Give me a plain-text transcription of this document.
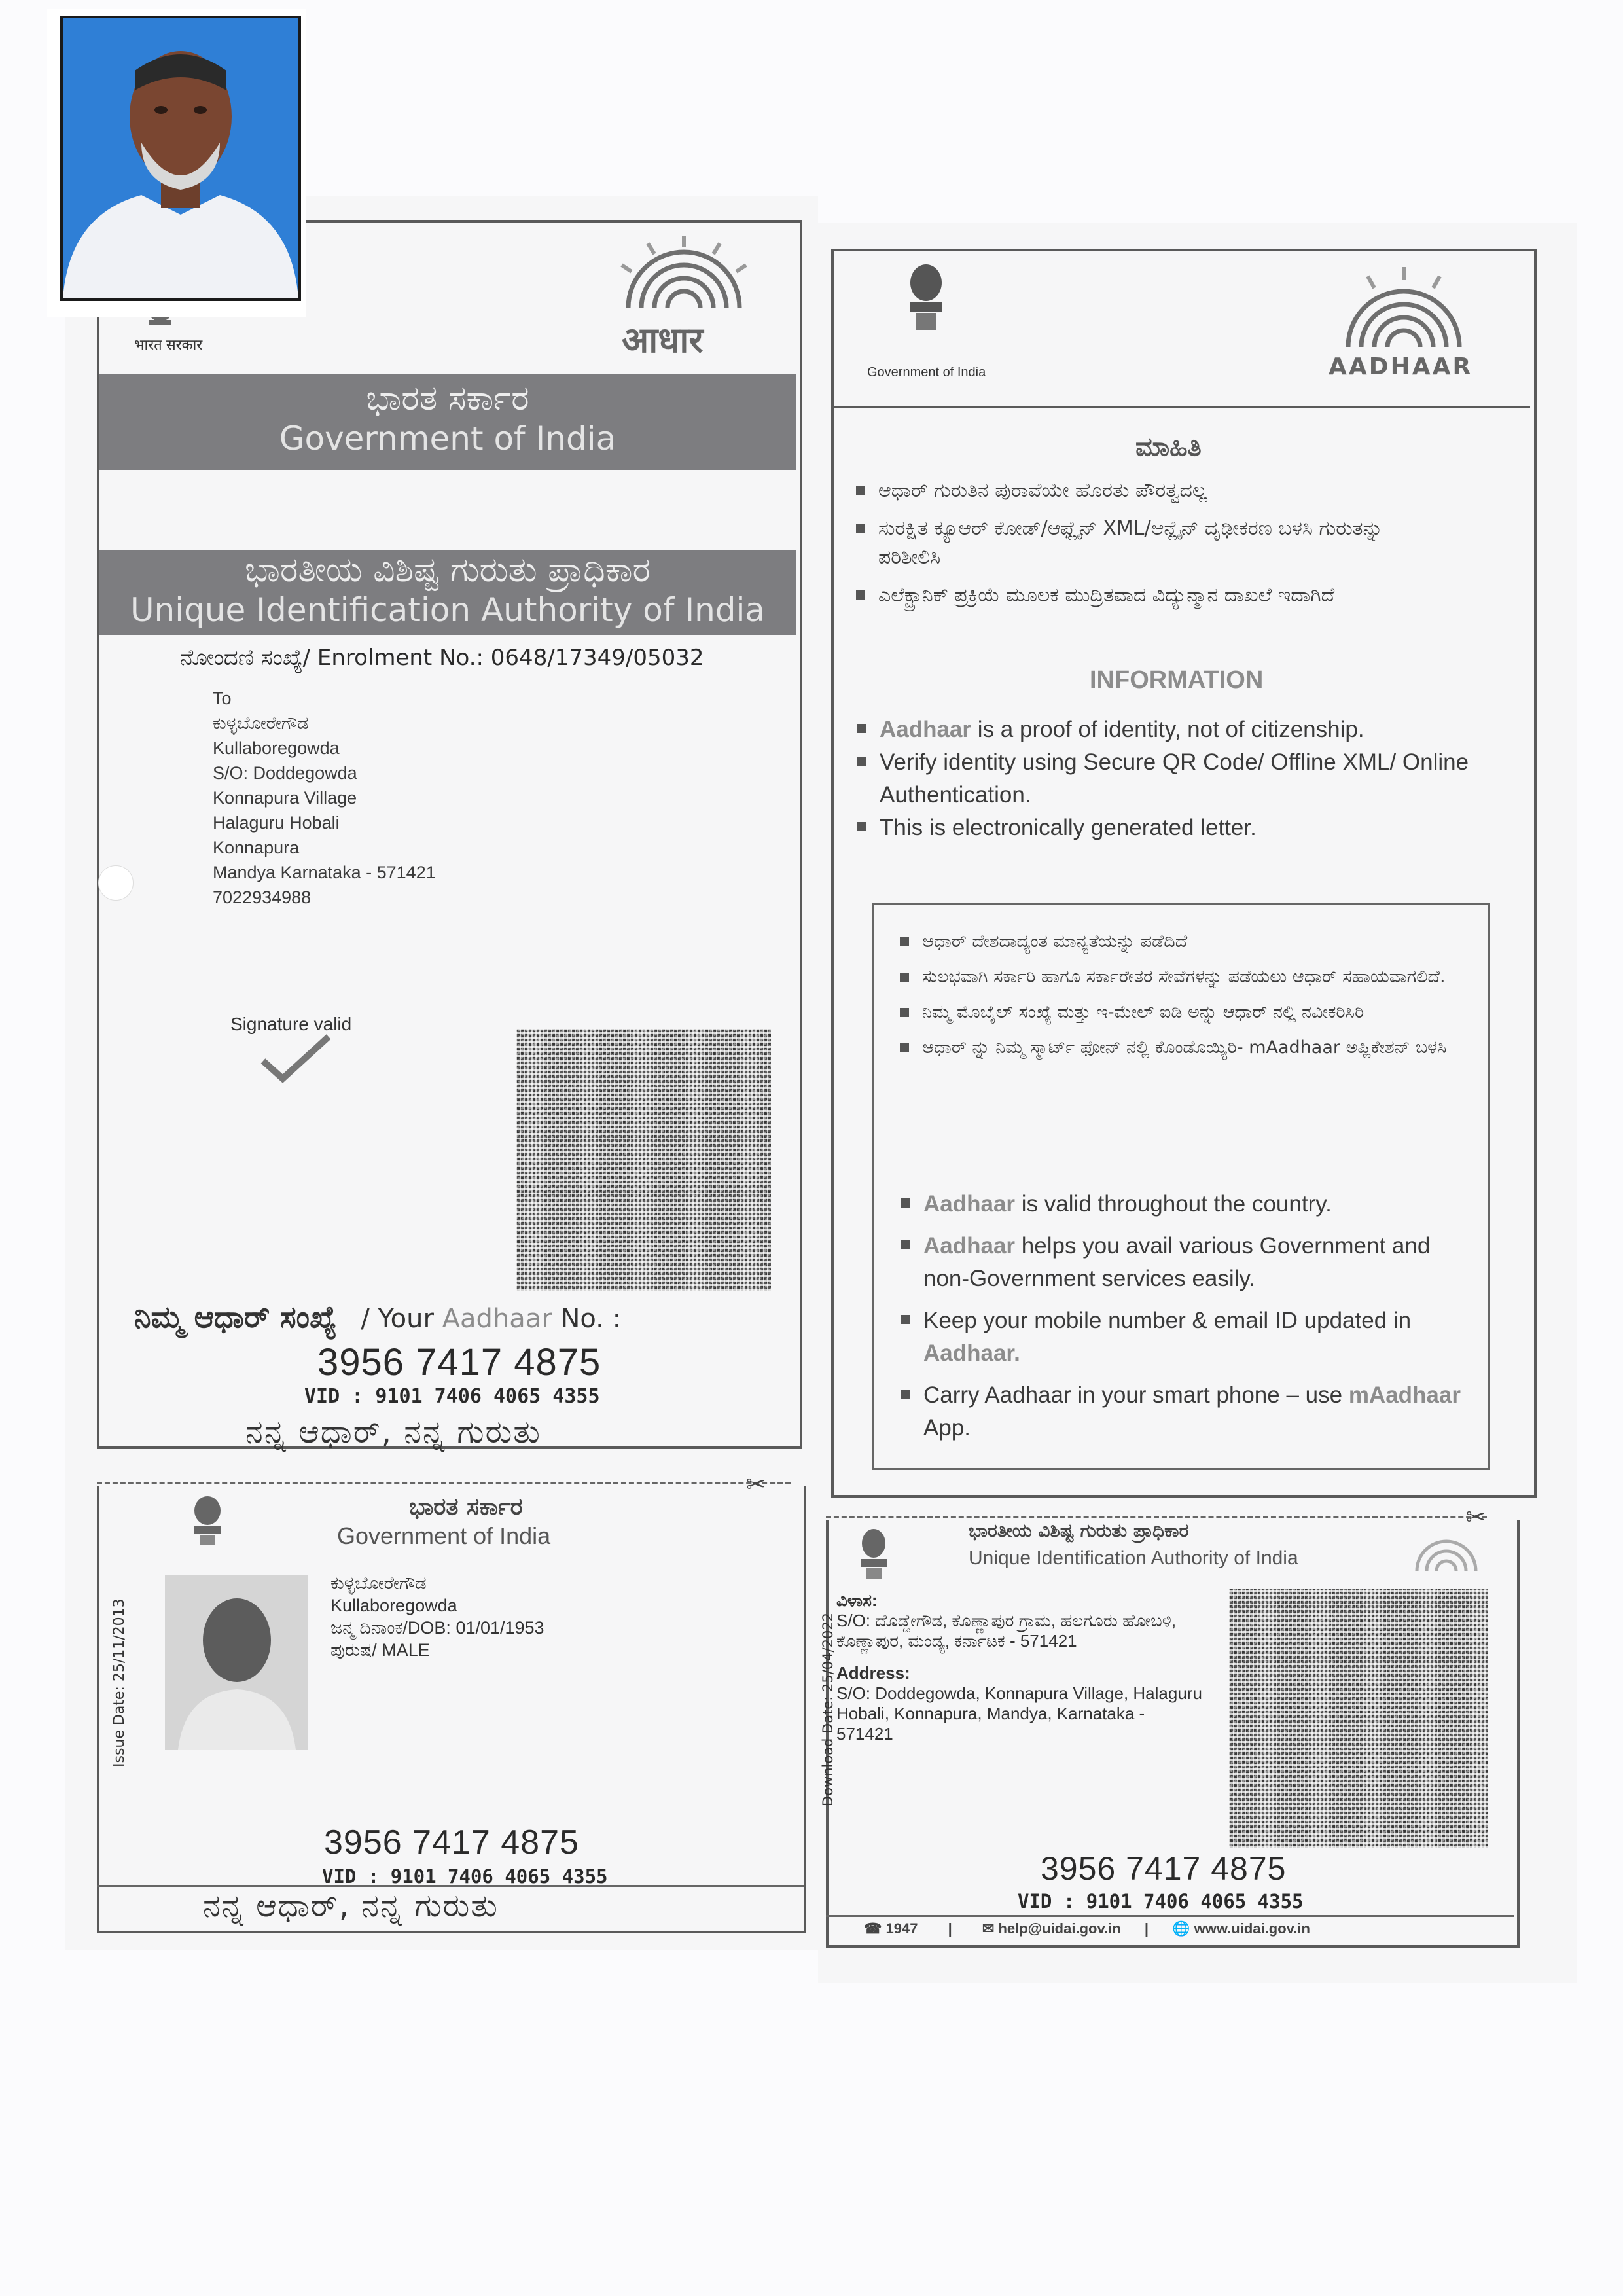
भारत सरकार	आधार
ಭಾರತ ಸರ್ಕಾರ
Government of India
ಭಾರತೀಯ ವಿಶಿಷ್ಟ ಗುರುತು ಪ್ರಾಧಿಕಾರ
Unique Identification Authority of India
ನೋಂದಣಿ ಸಂಖ್ಯೆ/ Enrolment No.: 0648/17349/05032
To
ಕುಳ್ಳಬೋರೇಗೌಡ
Kullaboregowda
S/O: Doddegowda
Konnapura Village
Halaguru Hobali
Konnapura
Mandya Karnataka - 571421
7022934988
Signature valid
ನಿಮ್ಮ ಆಧಾರ್ ಸಂಖ್ಯೆ / Your Aadhaar No. :
3956 7417 4875
VID : 9101 7406 4065 4355
ನನ್ನ ಆಧಾರ್, ನನ್ನ ಗುರುತು
✂
ಭಾರತ ಸರ್ಕಾರ
Government of India
Issue Date: 25/11/2013
ಕುಳ್ಳಬೋರೇಗೌಡ
Kullaboregowda
ಜನ್ಮ ದಿನಾಂಕ/DOB: 01/01/1953
ಪುರುಷ/ MALE
3956 7417 4875
VID : 9101 7406 4065 4355
ನನ್ನ ಆಧಾರ್, ನನ್ನ ಗುರುತು
Government of India	AADHAAR
ಮಾಹಿತಿ
ಆಧಾರ್ ಗುರುತಿನ ಪುರಾವೆಯೇ ಹೊರತು ಪೌರತ್ವದಲ್ಲ
ಸುರಕ್ಷಿತ ಕ್ಯೂಆರ್ ಕೋಡ್/ಆಫ್ಲೈನ್ XML/ಆನ್ಲೈನ್ ದೃಢೀಕರಣ ಬಳಸಿ ಗುರುತನ್ನು ಪರಿಶೀಲಿಸಿ
ಎಲೆಕ್ಟ್ರಾನಿಕ್ ಪ್ರಕ್ರಿಯೆ ಮೂಲಕ ಮುದ್ರಿತವಾದ ವಿದ್ಯುನ್ಮಾನ ದಾಖಲೆ ಇದಾಗಿದೆ
INFORMATION
Aadhaar is a proof of identity, not of citizenship.
Verify identity using Secure QR Code/ Offline XML/ Online Authentication.
This is electronically generated letter.
ಆಧಾರ್ ದೇಶದಾದ್ಯಂತ ಮಾನ್ಯತೆಯನ್ನು ಪಡೆದಿದೆ
ಸುಲಭವಾಗಿ ಸರ್ಕಾರಿ ಹಾಗೂ ಸರ್ಕಾರೇತರ ಸೇವೆಗಳನ್ನು ಪಡೆಯಲು ಆಧಾರ್ ಸಹಾಯವಾಗಲಿದೆ.
ನಿಮ್ಮ ಮೊಬೈಲ್ ಸಂಖ್ಯೆ ಮತ್ತು ಇ-ಮೇಲ್ ಐಡಿ ಅನ್ನು ಆಧಾರ್ ನಲ್ಲಿ ನವೀಕರಿಸಿರಿ
ಆಧಾರ್ ನ್ನು ನಿಮ್ಮ ಸ್ಮಾರ್ಟ್ ಫೋನ್ ನಲ್ಲಿ ಕೊಂಡೊಯ್ಯಿರಿ- mAadhaar ಅಪ್ಲಿಕೇಶನ್ ಬಳಸಿ
Aadhaar is valid throughout the country.
Aadhaar helps you avail various Government and non-Government services easily.
Keep your mobile number & email ID updated in Aadhaar.
Carry Aadhaar in your smart phone – use mAadhaar App.
✂
ಭಾರತೀಯ ವಿಶಿಷ್ಟ ಗುರುತು ಪ್ರಾಧಿಕಾರ
Unique Identification Authority of India
Download Date: 25/04/2022
ವಿಳಾಸ:
S/O: ದೊಡ್ಡೇಗೌಡ, ಕೊಣ್ಣಾಪುರ ಗ್ರಾಮ, ಹಲಗೂರು ಹೋಬಳಿ, ಕೊಣ್ಣಾಪುರ, ಮಂಡ್ಯ, ಕರ್ನಾಟಕ - 571421
Address:
S/O: Doddegowda, Konnapura Village, Halaguru Hobali, Konnapura, Mandya, Karnataka - 571421
3956 7417 4875
VID : 9101 7406 4065 4355
☎ 1947 | ✉ help@uidai.gov.in | 🌐 www.uidai.gov.in
